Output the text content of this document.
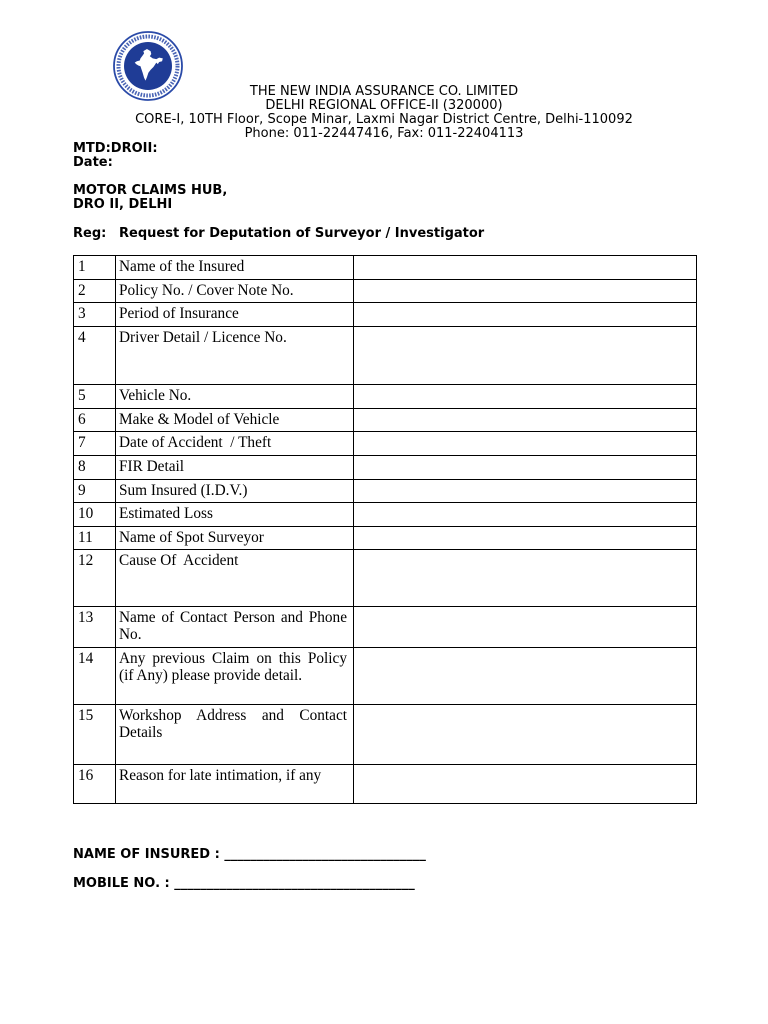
THE NEW INDIA ASSURANCE CO. LIMITED
DELHI REGIONAL OFFICE-II (320000)
CORE-I, 10TH Floor, Scope Minar, Laxmi Nagar District Centre, Delhi-110092
Phone: 011-22447416, Fax: 011-22404113
MTD:DROII:
Date:
MOTOR CLAIMS HUB,
DRO II, DELHI
Reg: Request for Deputation of Surveyor / Investigator
1	Name of the Insured
2	Policy No. / Cover Note No.
3	Period of Insurance
4	Driver Detail / Licence No.
5	Vehicle No.
6	Make & Model of Vehicle
7	Date of Accident  / Theft
8	FIR Detail
9	Sum Insured (I.D.V.)
10	Estimated Loss
11	Name of Spot Surveyor
12	Cause Of  Accident
13	Name of Contact Person and Phone No.
14	Any previous Claim on this Policy (if Any) please provide detail.
15	Workshop Address and Contact Details
16	Reason for late intimation, if any
NAME OF INSURED : _______________________________
MOBILE NO. : _____________________________________
